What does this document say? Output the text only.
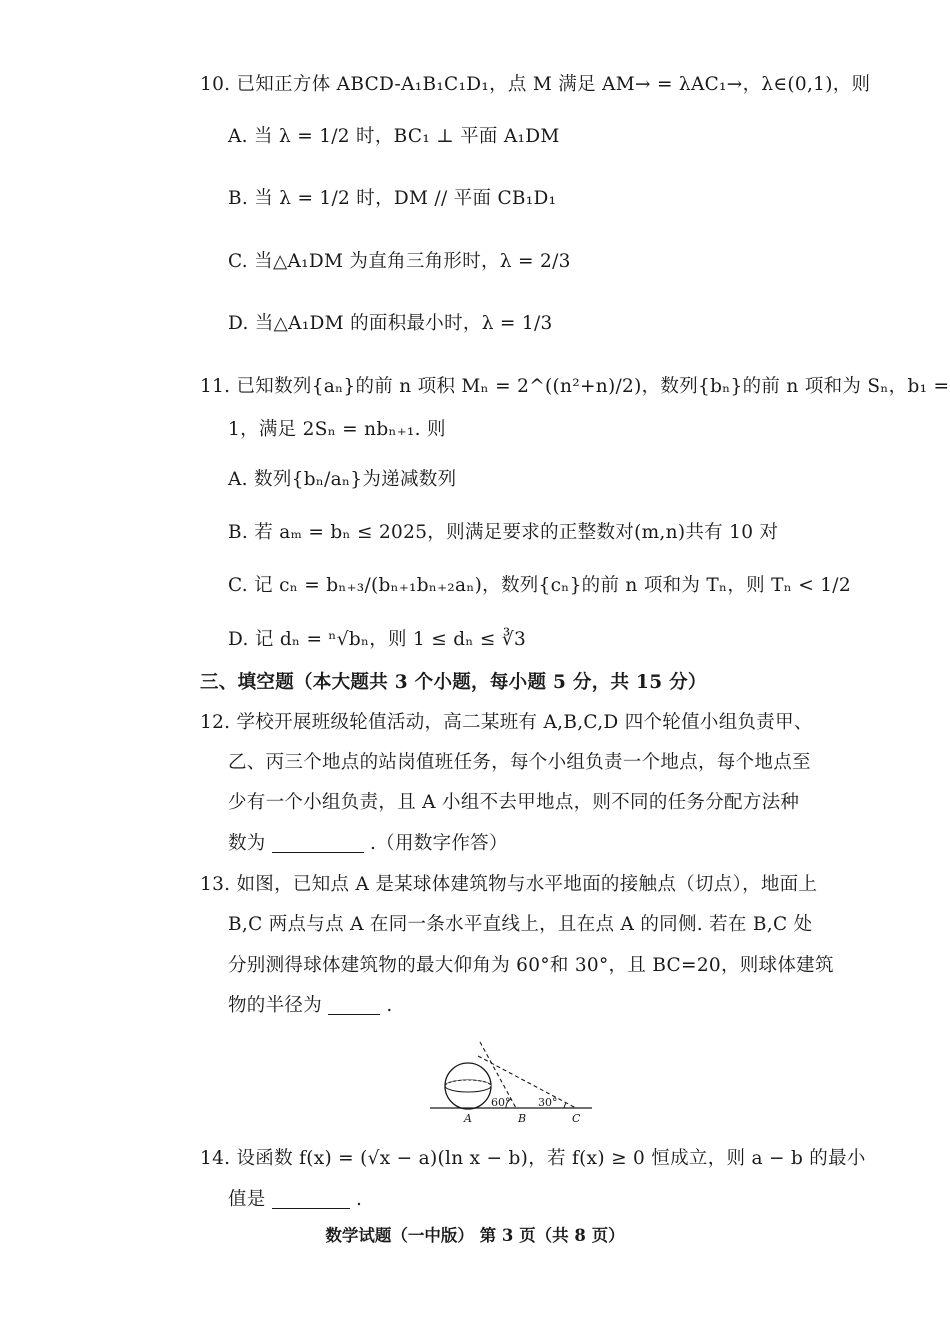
10. 已知正方体 ABCD-A₁B₁C₁D₁，点 M 满足 AM→ = λAC₁→，λ∈(0,1)，则
A. 当 λ = 1/2 时，BC₁ ⊥ 平面 A₁DM
B. 当 λ = 1/2 时，DM // 平面 CB₁D₁
C. 当△A₁DM 为直角三角形时，λ = 2/3
D. 当△A₁DM 的面积最小时，λ = 1/3
11. 已知数列{aₙ}的前 n 项积 Mₙ = 2^((n²+n)/2)，数列{bₙ}的前 n 项和为 Sₙ，b₁ =
1，满足 2Sₙ = nbₙ₊₁. 则
A. 数列{bₙ/aₙ}为递减数列
B. 若 aₘ = bₙ ≤ 2025，则满足要求的正整数对(m,n)共有 10 对
C. 记 cₙ = bₙ₊₃/(bₙ₊₁bₙ₊₂aₙ)，数列{cₙ}的前 n 项和为 Tₙ，则 Tₙ < 1/2
D. 记 dₙ = ⁿ√bₙ，则 1 ≤ dₙ ≤ ∛3
三、填空题（本大题共 3 个小题，每小题 5 分，共 15 分）
12. 学校开展班级轮值活动，高二某班有 A,B,C,D 四个轮值小组负责甲、
乙、丙三个地点的站岗值班任务，每个小组负责一个地点，每个地点至
少有一个小组负责，且 A 小组不去甲地点，则不同的任务分配方法种
数为	.（用数字作答）
13. 如图，已知点 A 是某球体建筑物与水平地面的接触点（切点），地面上
B,C 两点与点 A 在同一条水平直线上，且在点 A 的同侧. 若在 B,C 处
分别测得球体建筑物的最大仰角为 60°和 30°，且 BC=20，则球体建筑
物的半径为	.
60°	30°
A	B	C
14. 设函数 f(x) = (√x − a)(ln x − b)，若 f(x) ≥ 0 恒成立，则 a − b 的最小
值是	.
数学试题（一中版） 第 3 页（共 8 页）
